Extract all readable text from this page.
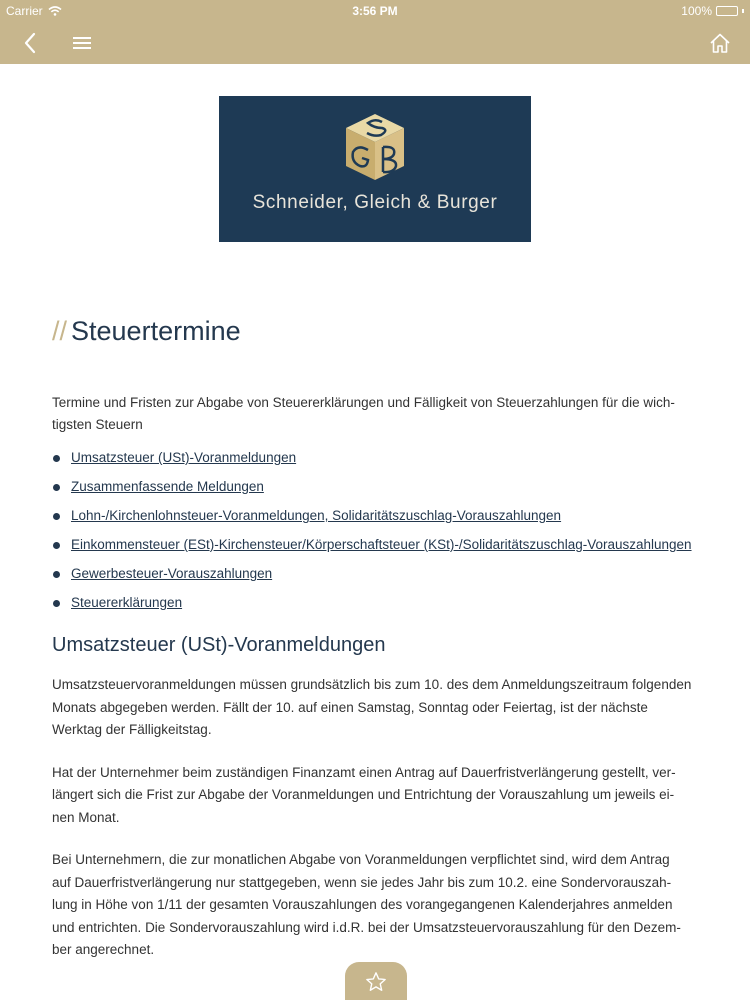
Carrier	3:56 PM	100%
Schneider, Gleich & Burger
// Steuertermine

Termine und Fristen zur Abgabe von Steuererklärungen und Fälligkeit von Steuerzahlungen für die wichtigsten Steuern

Umsatzsteuer (USt)-Voranmeldungen
Zusammenfassende Meldungen
Lohn-/Kirchenlohnsteuer-Voranmeldungen, Solidaritätszuschlag-Vorauszahlungen
Einkommensteuer (ESt)-Kirchensteuer/Körperschaftsteuer (KSt)-/Solidaritätszuschlag-Vorauszahlungen
Gewerbesteuer-Vorauszahlungen
Steuererklärungen
Umsatzsteuer (USt)-Voranmeldungen

Umsatzsteuervoranmeldungen müssen grundsätzlich bis zum 10. des dem Anmeldungszeitraum folgenden Monats abgegeben werden. Fällt der 10. auf einen Samstag, Sonntag oder Feiertag, ist der nächste Werktag der Fälligkeitstag.

Hat der Unternehmer beim zuständigen Finanzamt einen Antrag auf Dauerfristverlängerung gestellt, verlängert sich die Frist zur Abgabe der Voranmeldungen und Entrichtung der Vorauszahlung um jeweils einen Monat.

Bei Unternehmern, die zur monatlichen Abgabe von Voranmeldungen verpflichtet sind, wird dem Antrag auf Dauerfristverlängerung nur stattgegeben, wenn sie jedes Jahr bis zum 10.2. eine Sondervorauszahlung in Höhe von 1/11 der gesamten Vorauszahlungen des vorangegangenen Kalenderjahres anmelden und entrichten. Die Sondervorauszahlung wird i.d.R. bei der Umsatzsteuervorauszahlung für den Dezember angerechnet.
